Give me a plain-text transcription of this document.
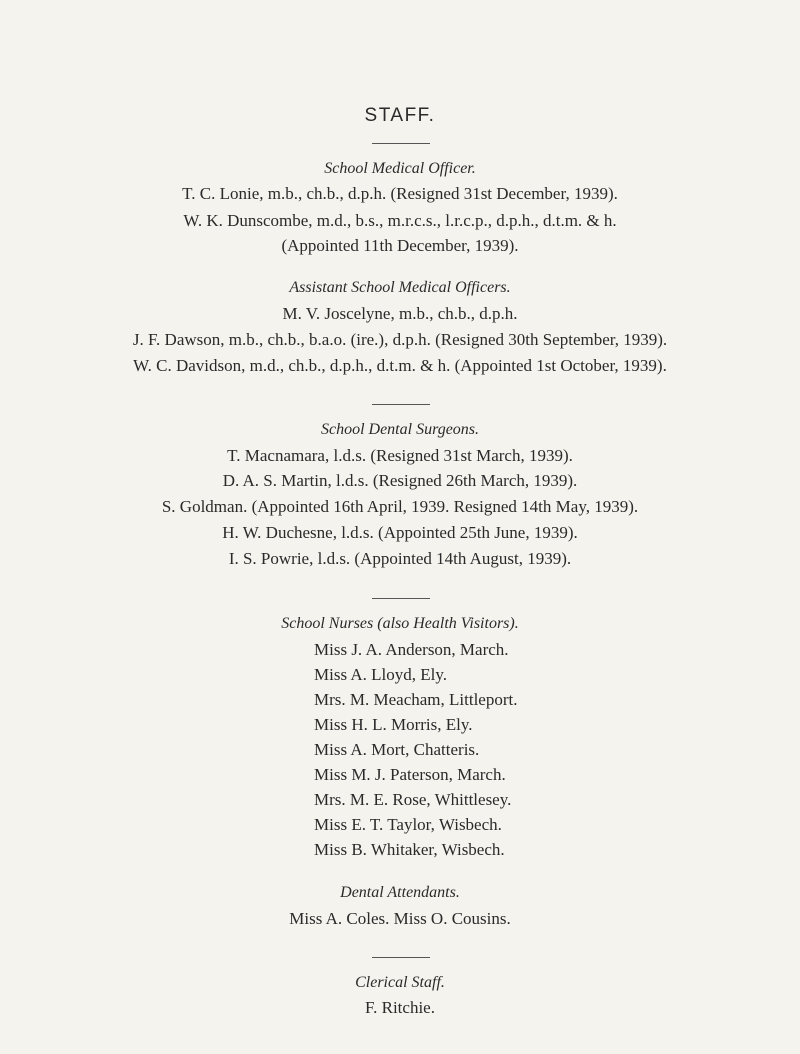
STAFF.
School Medical Officer.
T. C. Lonie, m.b., ch.b., d.p.h. (Resigned 31st December, 1939).
W. K. Dunscombe, m.d., b.s., m.r.c.s., l.r.c.p., d.p.h., d.t.m. & h.
(Appointed 11th December, 1939).
Assistant School Medical Officers.
M. V. Joscelyne, m.b., ch.b., d.p.h.
J. F. Dawson, m.b., ch.b., b.a.o. (ire.), d.p.h. (Resigned 30th September, 1939).
W. C. Davidson, m.d., ch.b., d.p.h., d.t.m. & h. (Appointed 1st October, 1939).
School Dental Surgeons.
T. Macnamara, l.d.s. (Resigned 31st March, 1939).
D. A. S. Martin, l.d.s. (Resigned 26th March, 1939).
S. Goldman. (Appointed 16th April, 1939. Resigned 14th May, 1939).
H. W. Duchesne, l.d.s. (Appointed 25th June, 1939).
I. S. Powrie, l.d.s. (Appointed 14th August, 1939).
School Nurses (also Health Visitors).
Miss J. A. Anderson, March.
Miss A. Lloyd, Ely.
Mrs. M. Meacham, Littleport.
Miss H. L. Morris, Ely.
Miss A. Mort, Chatteris.
Miss M. J. Paterson, March.
Mrs. M. E. Rose, Whittlesey.
Miss E. T. Taylor, Wisbech.
Miss B. Whitaker, Wisbech.
Dental Attendants.
Miss A. Coles. Miss O. Cousins.
Clerical Staff.
F. Ritchie.
